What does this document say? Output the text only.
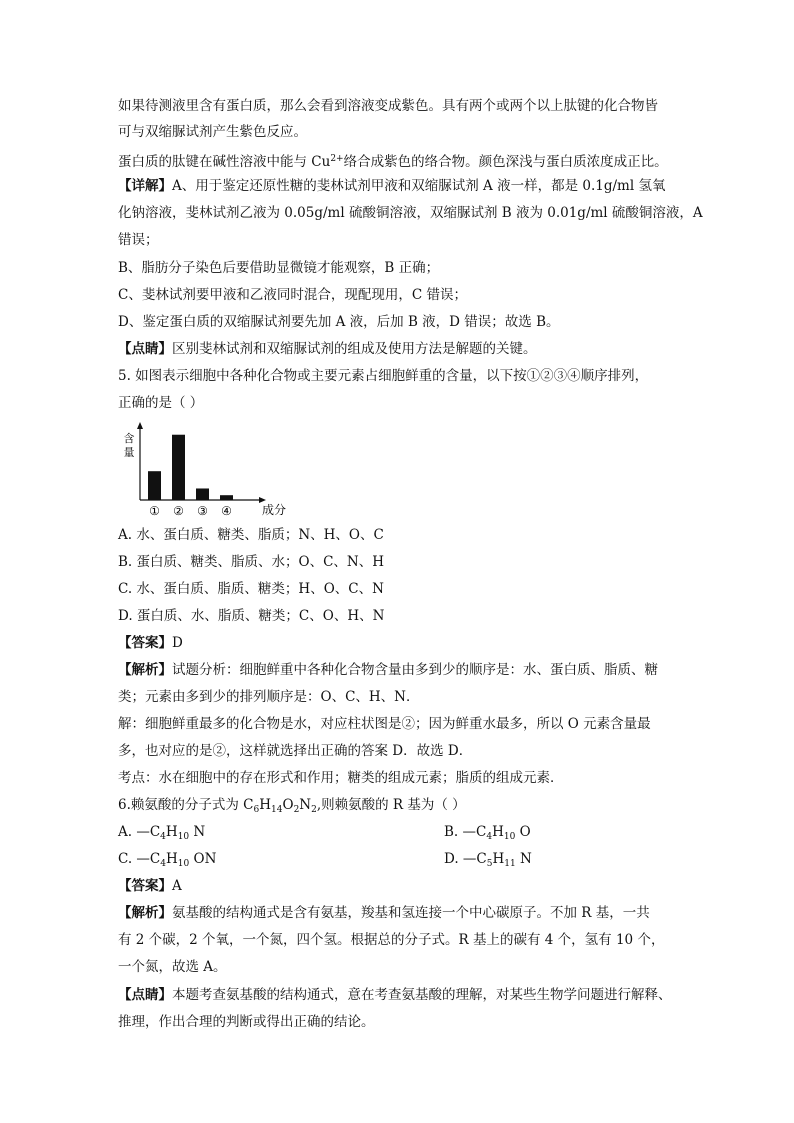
如果待测液里含有蛋白质，那么会看到溶液变成紫色。具有两个或两个以上肽键的化合物皆
可与双缩脲试剂产生紫色反应。
蛋白质的肽键在碱性溶液中能与 $Cu^{2+}$络合成紫色的络合物。颜色深浅与蛋白质浓度成正比。
【详解】A、用于鉴定还原性糖的斐林试剂甲液和双缩脲试剂 A 液一样，都是 0.1g/ml 氢氧
化钠溶液，斐林试剂乙液为 0.05g/ml 硫酸铜溶液，双缩脲试剂 B 液为 0.01g/ml 硫酸铜溶液，A
错误；
B、脂肪分子染色后要借助显微镜才能观察，B 正确；
C、斐林试剂要甲液和乙液同时混合，现配现用，C 错误；
D、鉴定蛋白质的双缩脲试剂要先加 A 液，后加 B 液，D 错误；故选 B。
【点睛】区别斐林试剂和双缩脲试剂的组成及使用方法是解题的关键。
5. 如图表示细胞中各种化合物或主要元素占细胞鲜重的含量，以下按①②③④顺序排列，
正确的是（ ）
含
量
① ② ③ ④	成分
A. 水、蛋白质、糖类、脂质；N、H、O、C
B. 蛋白质、糖类、脂质、水；O、C、N、H
C. 水、蛋白质、脂质、糖类；H、O、C、N
D. 蛋白质、水、脂质、糖类；C、O、H、N
【答案】D
【解析】试题分析：细胞鲜重中各种化合物含量由多到少的顺序是：水、蛋白质、脂质、糖
类；元素由多到少的排列顺序是：O、C、H、N．
解：细胞鲜重最多的化合物是水，对应柱状图是②；因为鲜重水最多，所以 O 元素含量最
多，也对应的是②，这样就选择出正确的答案 D．故选 D．
考点：水在细胞中的存在形式和作用；糖类的组成元素；脂质的组成元素．
6.赖氨酸的分子式为 $C_6H_{14}O_2N_2$,则赖氨酸的 R 基为（ ）
A. $—C_4H_{10}$ N	B. $—C_4H_{10}$ O
C. $—C_4H_{10}$ ON	D. $—C_5H_{11}$ N
【答案】A
【解析】氨基酸的结构通式是含有氨基，羧基和氢连接一个中心碳原子。不加 R 基，一共
有 2 个碳，2 个氧，一个氮，四个氢。根据总的分子式。R 基上的碳有 4 个，氢有 10 个，
一个氮，故选 A。
【点睛】本题考查氨基酸的结构通式，意在考查氨基酸的理解，对某些生物学问题进行解释、
推理，作出合理的判断或得出正确的结论。
